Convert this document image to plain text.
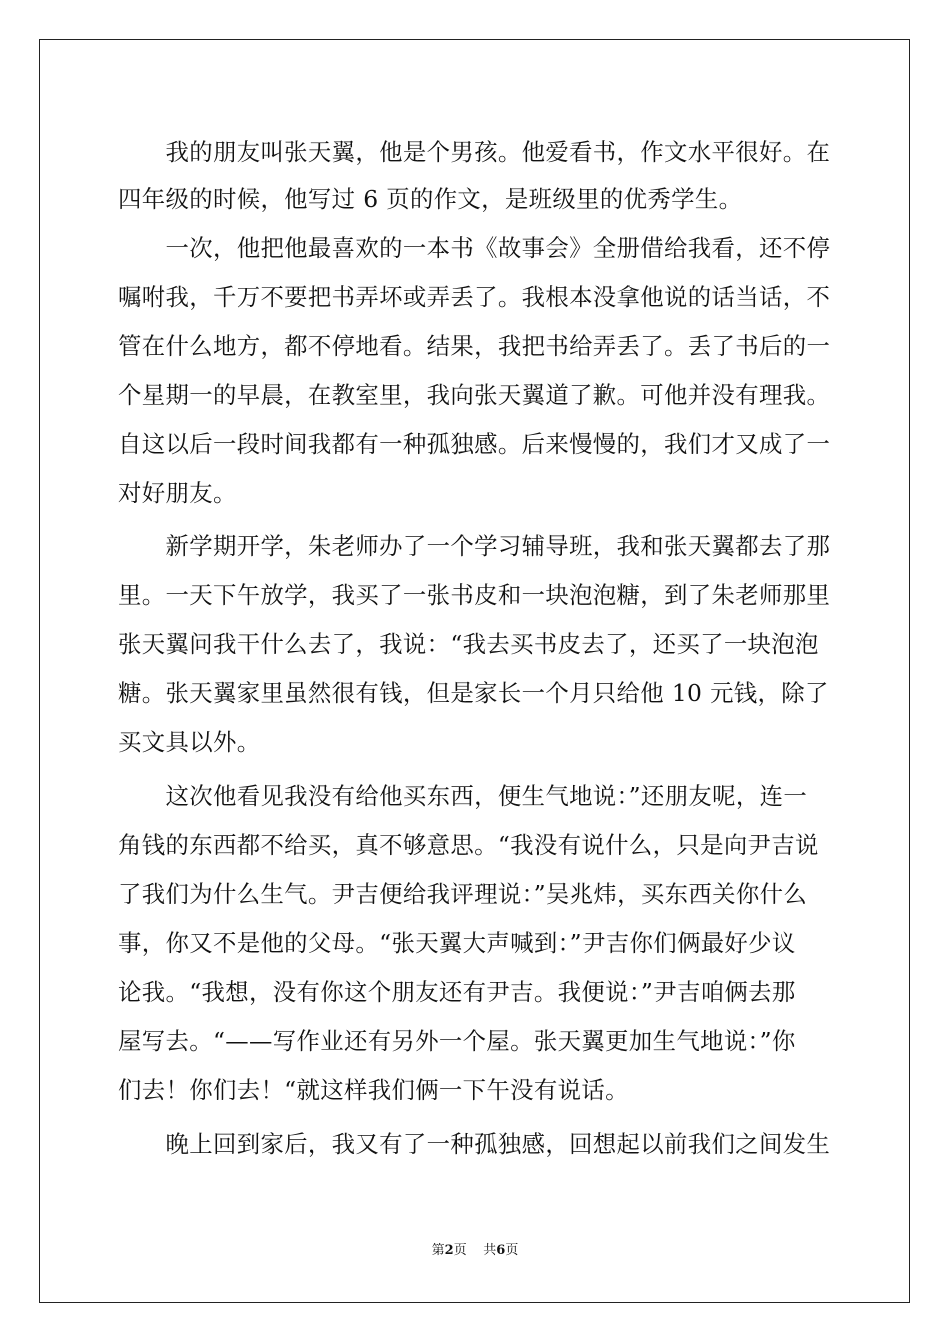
　　我的朋友叫张天翼，他是个男孩。他爱看书，作文水平很好。在
四年级的时候，他写过 6 页的作文，是班级里的优秀学生。
　　一次，他把他最喜欢的一本书《故事会》全册借给我看，还不停
嘱咐我，千万不要把书弄坏或弄丢了。我根本没拿他说的话当话，不
管在什么地方，都不停地看。结果，我把书给弄丢了。丢了书后的一
个星期一的早晨，在教室里，我向张天翼道了歉。可他并没有理我。
自这以后一段时间我都有一种孤独感。后来慢慢的，我们才又成了一
对好朋友。
　　新学期开学，朱老师办了一个学习辅导班，我和张天翼都去了那
里。一天下午放学，我买了一张书皮和一块泡泡糖，到了朱老师那里
张天翼问我干什么去了，我说：“我去买书皮去了，还买了一块泡泡
糖。张天翼家里虽然很有钱，但是家长一个月只给他 10 元钱，除了
买文具以外。
　　这次他看见我没有给他买东西，便生气地说：”还朋友呢，连一
角钱的东西都不给买，真不够意思。“我没有说什么，只是向尹吉说
了我们为什么生气。尹吉便给我评理说：”吴兆炜，买东西关你什么
事，你又不是他的父母。“张天翼大声喊到：”尹吉你们俩最好少议
论我。“我想，没有你这个朋友还有尹吉。我便说：”尹吉咱俩去那
屋写去。“——写作业还有另外一个屋。张天翼更加生气地说：”你
们去！你们去！“就这样我们俩一下午没有说话。
　　晚上回到家后，我又有了一种孤独感，回想起以前我们之间发生
第2页 共6页
